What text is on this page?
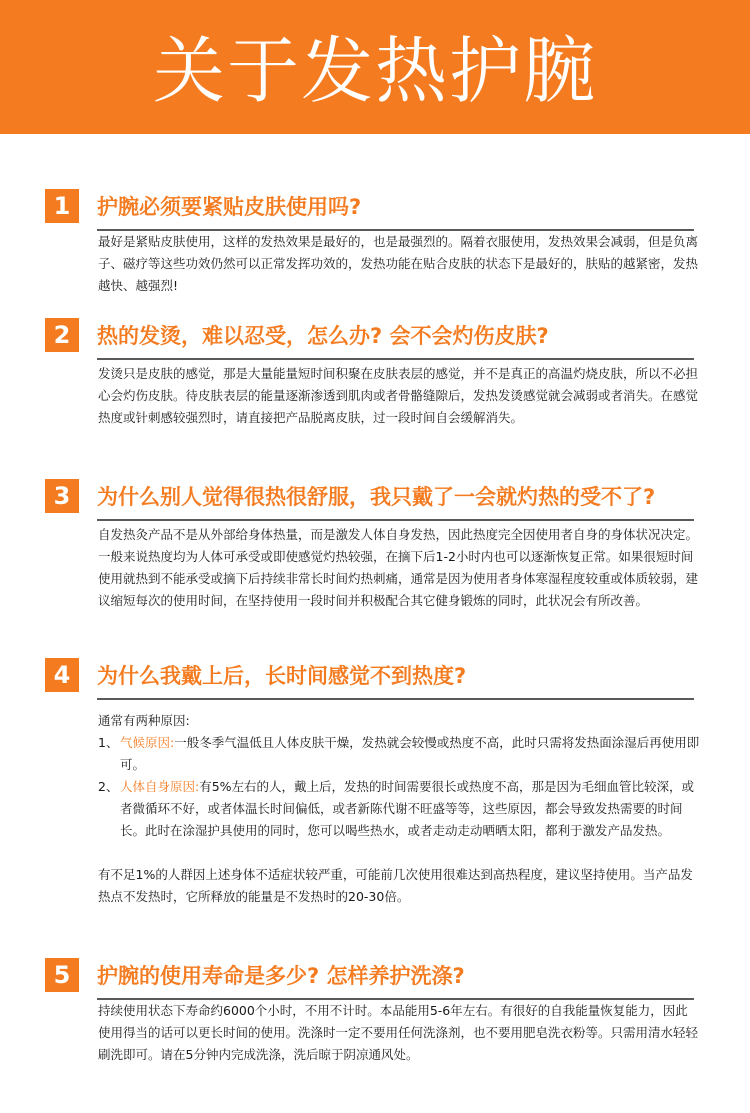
关于发热护腕
1	护腕必须要紧贴皮肤使用吗?

最好是紧贴皮肤使用，这样的发热效果是最好的，也是最强烈的。隔着衣服使用，发热效果会减弱，但是负离子、磁疗等这些功效仍然可以正常发挥功效的，发热功能在贴合皮肤的状态下是最好的，肤贴的越紧密，发热越快、越强烈!

2	热的发烫，难以忍受，怎么办? 会不会灼伤皮肤?

发烫只是皮肤的感觉，那是大量能量短时间积聚在皮肤表层的感觉，并不是真正的高温灼烧皮肤，所以不必担心会灼伤皮肤。待皮肤表层的能量逐渐渗透到肌肉或者骨骼缝隙后，发热发烫感觉就会减弱或者消失。在感觉热度或针刺感较强烈时，请直接把产品脱离皮肤，过一段时间自会缓解消失。

3	为什么别人觉得很热很舒服，我只戴了一会就灼热的受不了?

自发热灸产品不是从外部给身体热量，而是激发人体自身发热，因此热度完全因使用者自身的身体状况决定。一般来说热度均为人体可承受或即使感觉灼热较强，在摘下后1-2小时内也可以逐渐恢复正常。如果很短时间使用就热到不能承受或摘下后持续非常长时间灼热刺痛，通常是因为使用者身体寒湿程度较重或体质较弱，建议缩短每次的使用时间，在坚持使用一段时间并积极配合其它健身锻炼的同时，此状况会有所改善。

4	为什么我戴上后，长时间感觉不到热度?

通常有两种原因:

1、 气候原因:一般冬季气温低且人体皮肤干燥，发热就会较慢或热度不高，此时只需将发热面涂湿后再使用即可。
2、 人体自身原因:有5%左右的人，戴上后，发热的时间需要很长或热度不高，那是因为毛细血管比较深，或者微循环不好，或者体温长时间偏低，或者新陈代谢不旺盛等等，这些原因，都会导致发热需要的时间长。此时在涂湿护具使用的同时，您可以喝些热水，或者走动走动晒晒太阳，都利于激发产品发热。

有不足1%的人群因上述身体不适症状较严重，可能前几次使用很难达到高热程度，建议坚持使用。当产品发热点不发热时，它所释放的能量是不发热时的20-30倍。

5	护腕的使用寿命是多少? 怎样养护洗涤?

持续使用状态下寿命约6000个小时，不用不计时。本品能用5-6年左右。有很好的自我能量恢复能力，因此使用得当的话可以更长时间的使用。洗涤时一定不要用任何洗涤剂，也不要用肥皂洗衣粉等。只需用清水轻轻刷洗即可。请在5分钟内完成洗涤，洗后晾于阴凉通风处。
